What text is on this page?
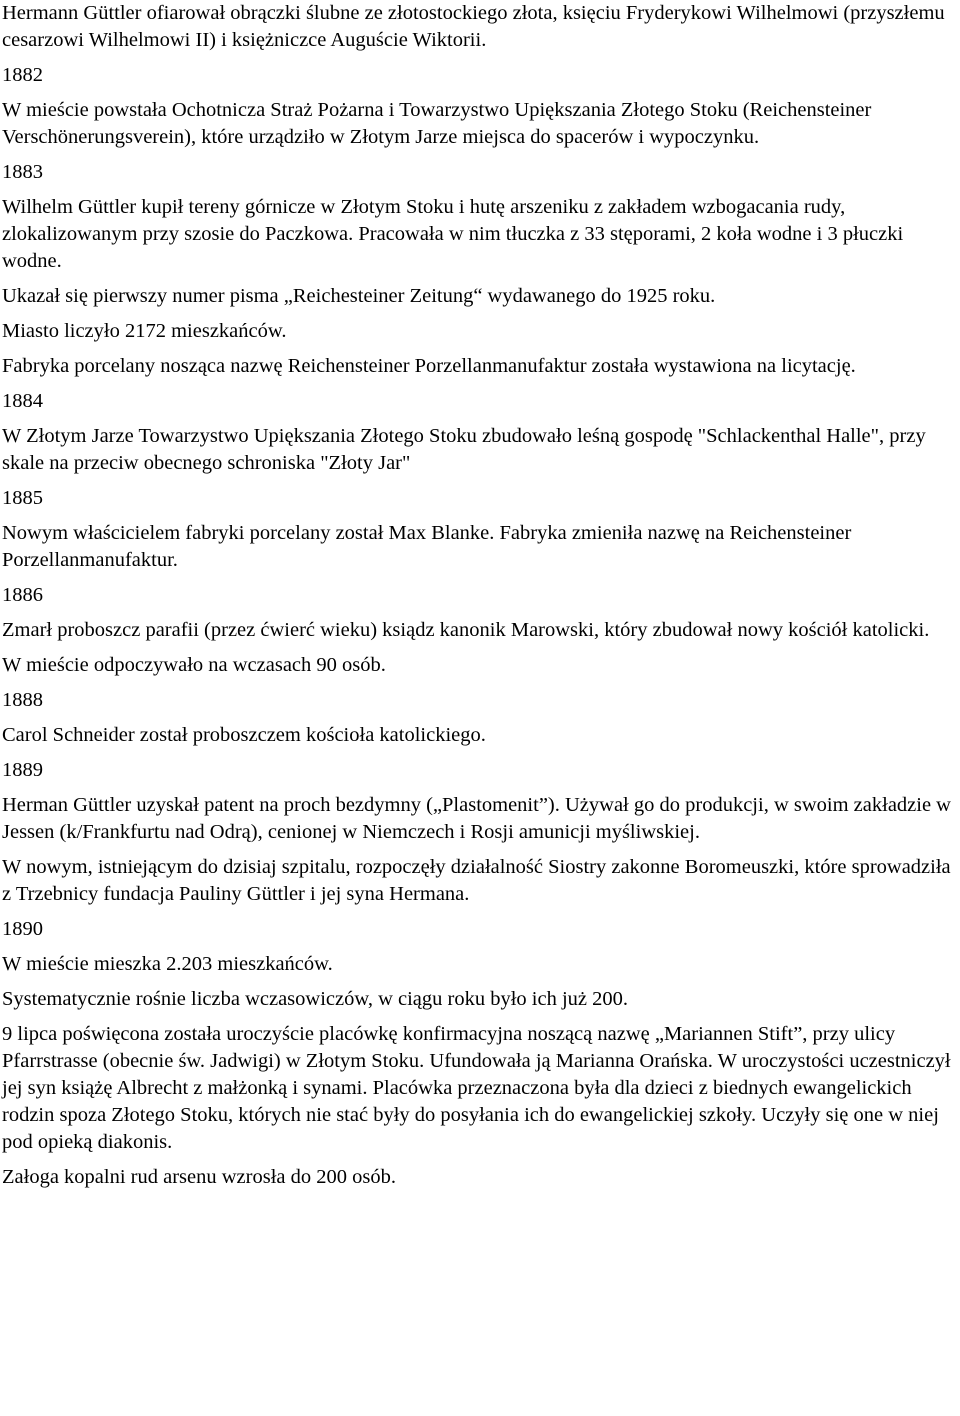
Hermann Güttler ofiarował obrączki ślubne ze złotostockiego złota, księciu Fryderykowi Wilhelmowi (przyszłemu cesarzowi Wilhelmowi II) i księżniczce Auguście Wiktorii.

1882

W mieście powstała Ochotnicza Straż Pożarna i Towarzystwo Upiększania Złotego Stoku (Reichensteiner Verschönerungsverein), które urządziło w Złotym Jarze miejsca do spacerów i wypoczynku.

1883

Wilhelm Güttler kupił tereny górnicze w Złotym Stoku i hutę arszeniku z zakładem wzbogacania rudy, zlokalizowanym przy szosie do Paczkowa. Pracowała w nim tłuczka z 33 stęporami, 2 koła wodne i 3 płuczki wodne.

Ukazał się pierwszy numer pisma „Reichesteiner Zeitung“ wydawanego do 1925 roku.

Miasto liczyło 2172 mieszkańców.

Fabryka porcelany nosząca nazwę Reichensteiner Porzellanmanufaktur została wystawiona na licytację.

1884

W Złotym Jarze Towarzystwo Upiększania Złotego Stoku zbudowało leśną gospodę "Schlackenthal Halle", przy skale na przeciw obecnego schroniska "Złoty Jar"

1885

Nowym właścicielem fabryki porcelany został Max Blanke. Fabryka zmieniła nazwę na Reichensteiner Porzellanmanufaktur.

1886

Zmarł proboszcz parafii (przez ćwierć wieku) ksiądz kanonik Marowski, który zbudował nowy kościół katolicki.

W mieście odpoczywało na wczasach 90 osób.

1888

Carol Schneider został proboszczem kościoła katolickiego.

1889

Herman Güttler uzyskał patent na proch bezdymny („Plastomenit”). Używał go do produkcji, w swoim zakładzie w Jessen (k/Frankfurtu nad Odrą), cenionej w Niemczech i Rosji amunicji myśliwskiej.

W nowym, istniejącym do dzisiaj szpitalu, rozpoczęły działalność Siostry zakonne Boromeuszki, które sprowadziła z Trzebnicy fundacja Pauliny Güttler i jej syna Hermana.

1890

W mieście mieszka 2.203 mieszkańców.

Systematycznie rośnie liczba wczasowiczów, w ciągu roku było ich już 200.

9 lipca poświęcona została uroczyście placówkę konfirmacyjna noszącą nazwę „Mariannen Stift”, przy ulicy Pfarrstrasse (obecnie św. Jadwigi) w Złotym Stoku. Ufundowała ją Marianna Orańska. W uroczystości uczestniczył jej syn książę Albrecht z małżonką i synami. Placówka przeznaczona była dla dzieci z biednych ewangelickich rodzin spoza Złotego Stoku, których nie stać były do posyłania ich do ewangelickiej szkoły. Uczyły się one w niej pod opieką diakonis.

Załoga kopalni rud arsenu wzrosła do 200 osób.
